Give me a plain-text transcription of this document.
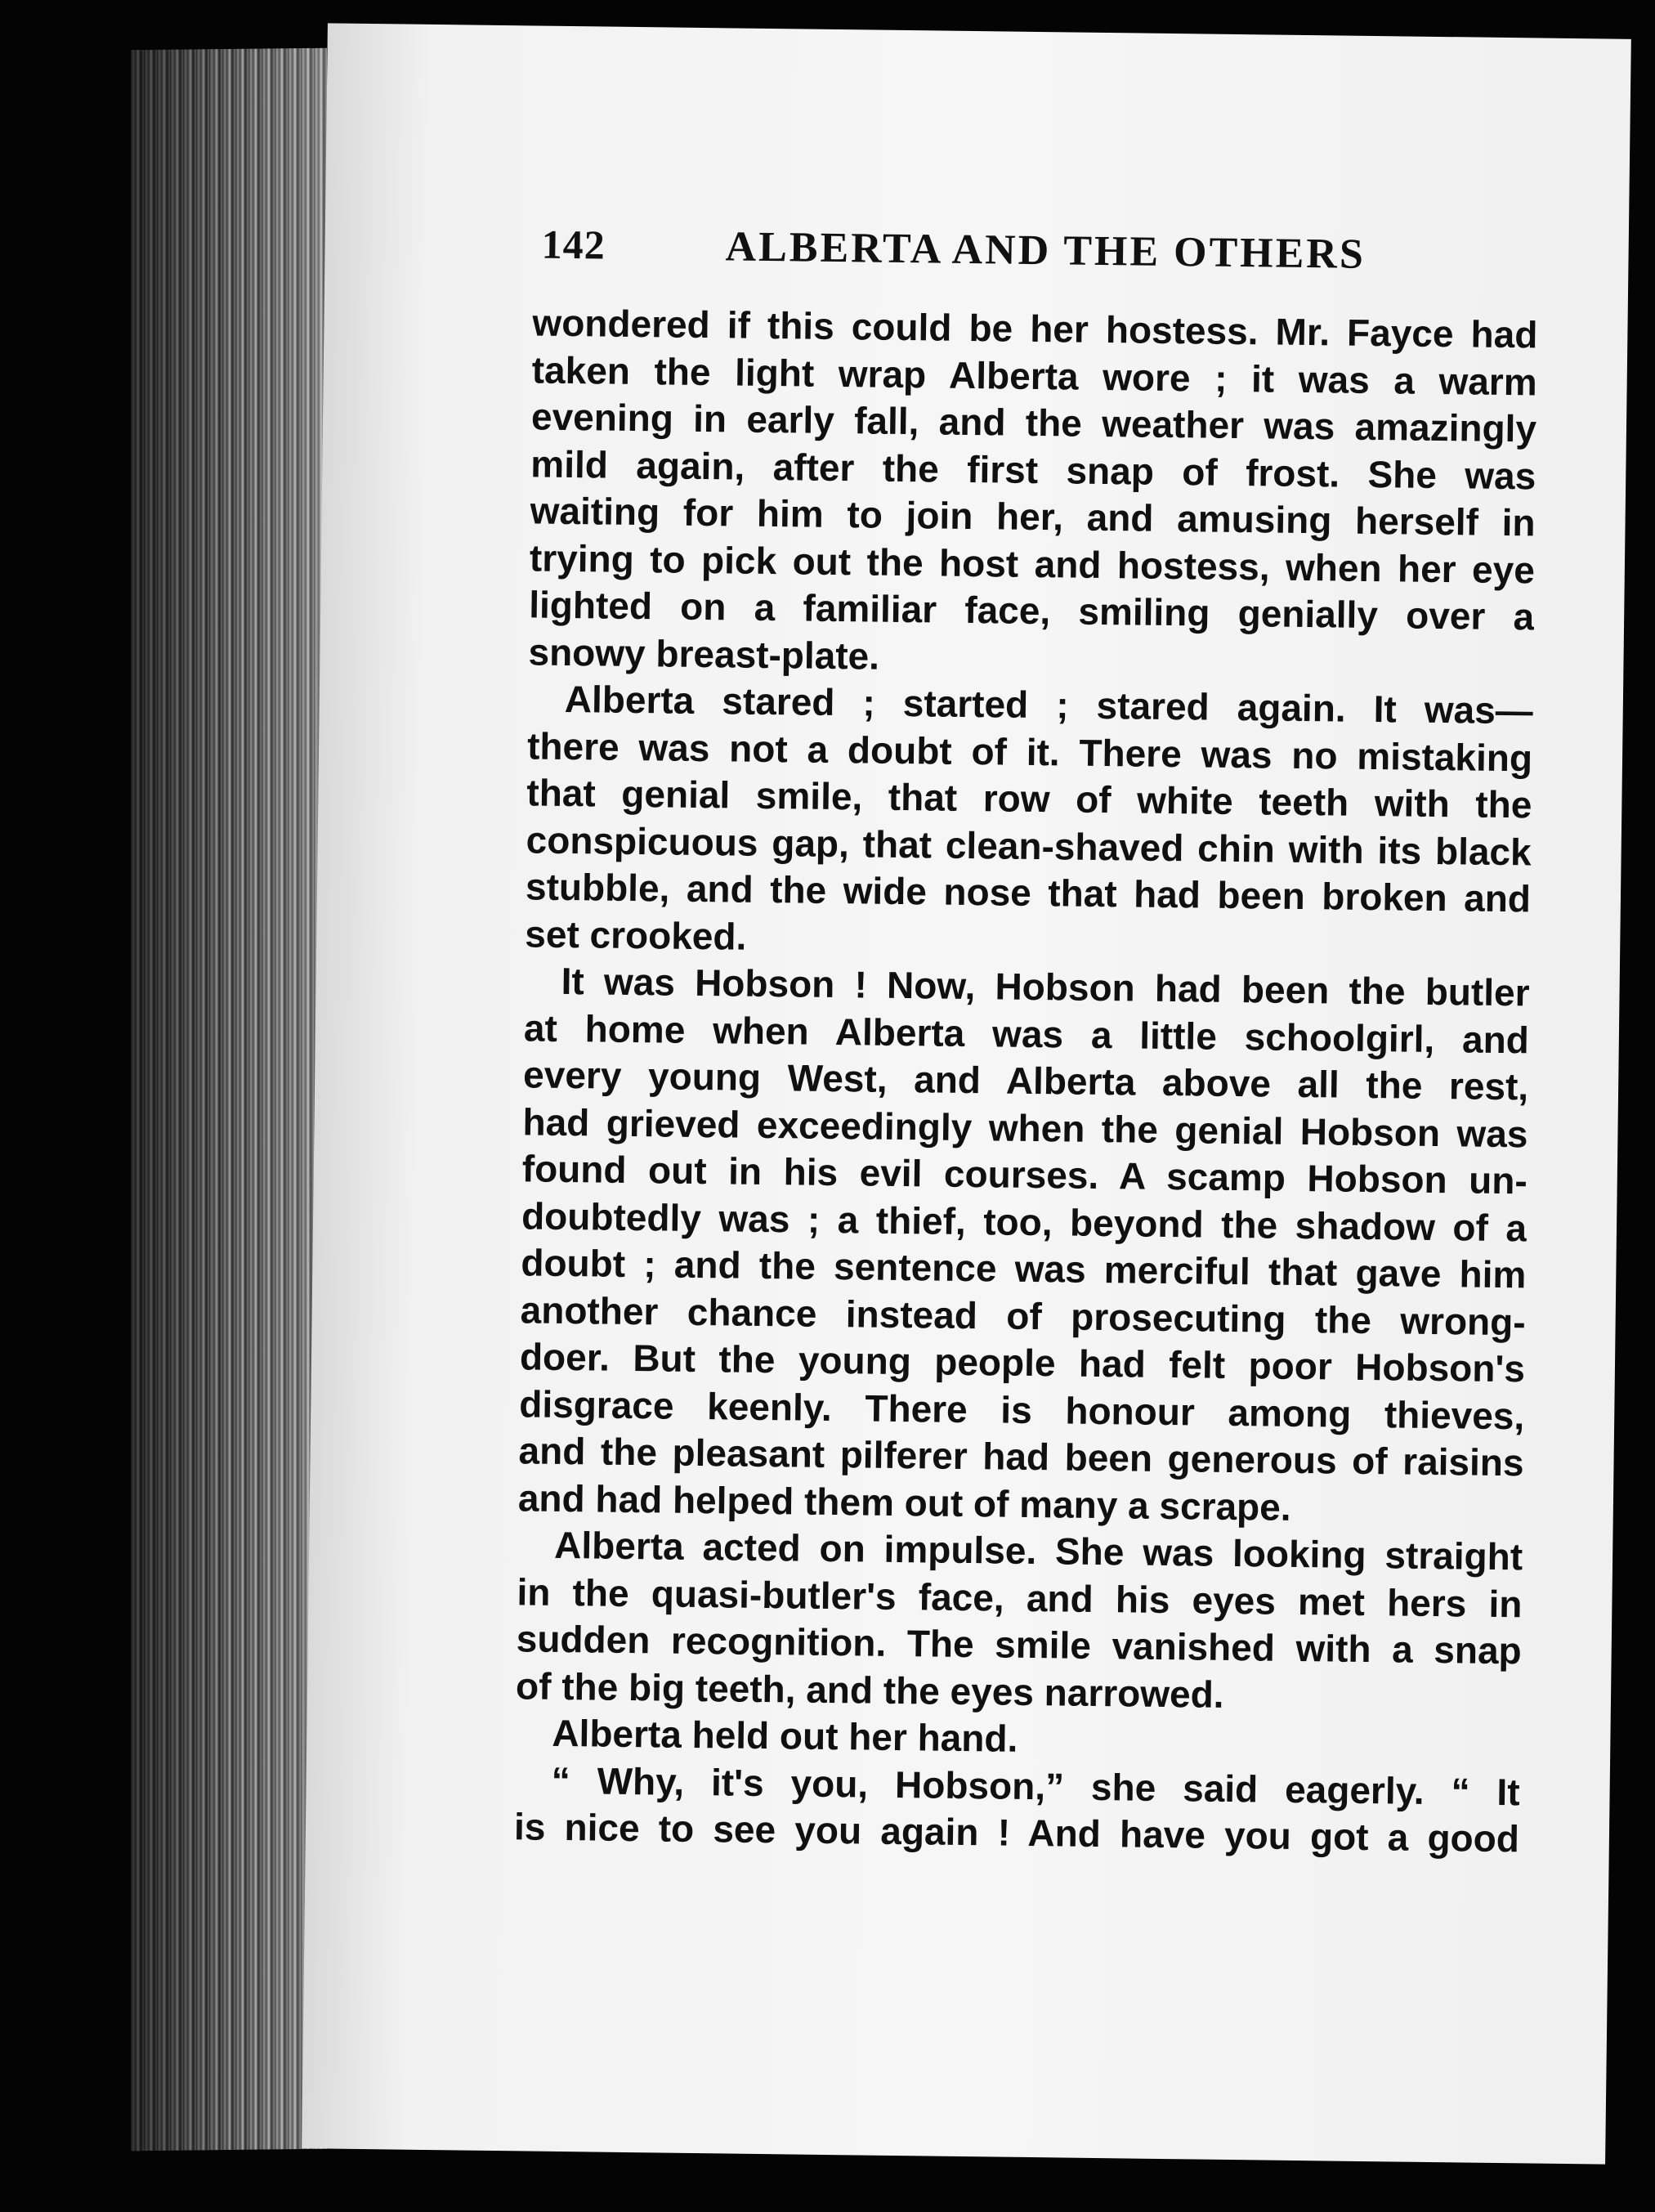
142	ALBERTA AND THE OTHERS
wondered if this could be her hostess. Mr. Fayce had
taken the light wrap Alberta wore ; it was a warm
evening in early fall, and the weather was amazingly
mild again, after the first snap of frost. She was
waiting for him to join her, and amusing herself in
trying to pick out the host and hostess, when her eye
lighted on a familiar face, smiling genially over a
snowy breast-plate.
Alberta stared ; started ; stared again. It was—
there was not a doubt of it. There was no mistaking
that genial smile, that row of white teeth with the
conspicuous gap, that clean-shaved chin with its black
stubble, and the wide nose that had been broken and
set crooked.
It was Hobson ! Now, Hobson had been the butler
at home when Alberta was a little schoolgirl, and
every young West, and Alberta above all the rest,
had grieved exceedingly when the genial Hobson was
found out in his evil courses. A scamp Hobson un-
doubtedly was ; a thief, too, beyond the shadow of a
doubt ; and the sentence was merciful that gave him
another chance instead of prosecuting the wrong-
doer. But the young people had felt poor Hobson's
disgrace keenly. There is honour among thieves,
and the pleasant pilferer had been generous of raisins
and had helped them out of many a scrape.
Alberta acted on impulse. She was looking straight
in the quasi-butler's face, and his eyes met hers in
sudden recognition. The smile vanished with a snap
of the big teeth, and the eyes narrowed.
Alberta held out her hand.
“ Why, it's you, Hobson,” she said eagerly. “ It
is nice to see you again ! And have you got a good
